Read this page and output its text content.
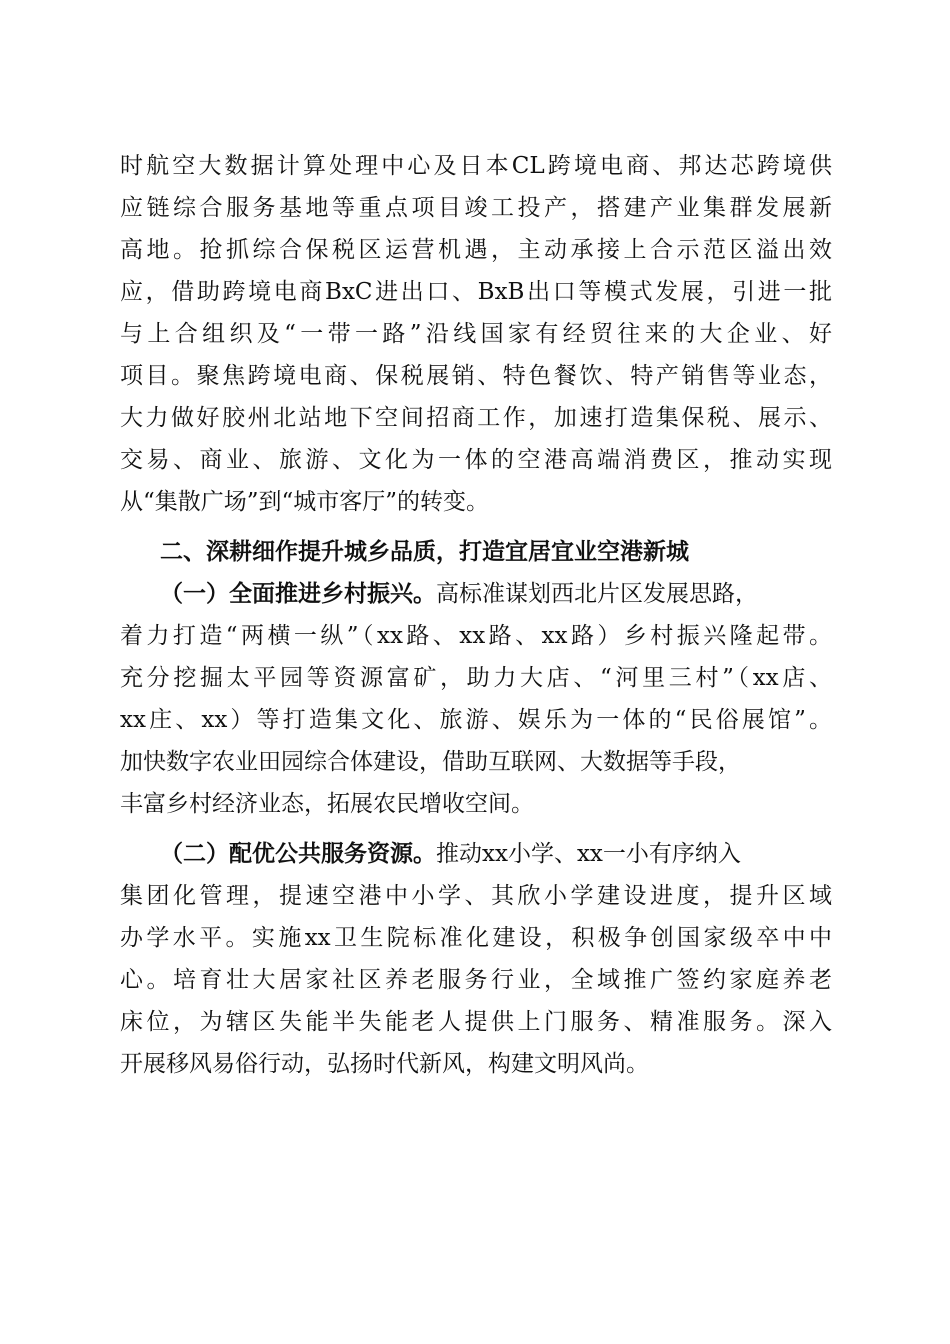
时航空大数据计算处理中心及日本CL跨境电商、邦达芯跨境供
应链综合服务基地等重点项目竣工投产，搭建产业集群发展新
高地。抢抓综合保税区运营机遇，主动承接上合示范区溢出效
应，借助跨境电商BxC进出口、BxB出口等模式发展，引进一批
与上合组织及“一带一路”沿线国家有经贸往来的大企业、好
项目。聚焦跨境电商、保税展销、特色餐饮、特产销售等业态，
大力做好胶州北站地下空间招商工作，加速打造集保税、展示、
交易、商业、旅游、文化为一体的空港高端消费区，推动实现
从“集散广场”到“城市客厅”的转变。
二、深耕细作提升城乡品质，打造宜居宜业空港新城
（一）全面推进乡村振兴。高标准谋划西北片区发展思路，
着力打造“两横一纵”（xx路、xx路、xx路）乡村振兴隆起带。
充分挖掘太平园等资源富矿，助力大店、“河里三村”（xx店、
xx庄、xx）等打造集文化、旅游、娱乐为一体的“民俗展馆”。
加快数字农业田园综合体建设，借助互联网、大数据等手段，
丰富乡村经济业态，拓展农民增收空间。
（二）配优公共服务资源。推动xx小学、xx一小有序纳入
集团化管理，提速空港中小学、其欣小学建设进度，提升区域
办学水平。实施xx卫生院标准化建设，积极争创国家级卒中中
心。培育壮大居家社区养老服务行业，全域推广签约家庭养老
床位，为辖区失能半失能老人提供上门服务、精准服务。深入
开展移风易俗行动，弘扬时代新风，构建文明风尚。
